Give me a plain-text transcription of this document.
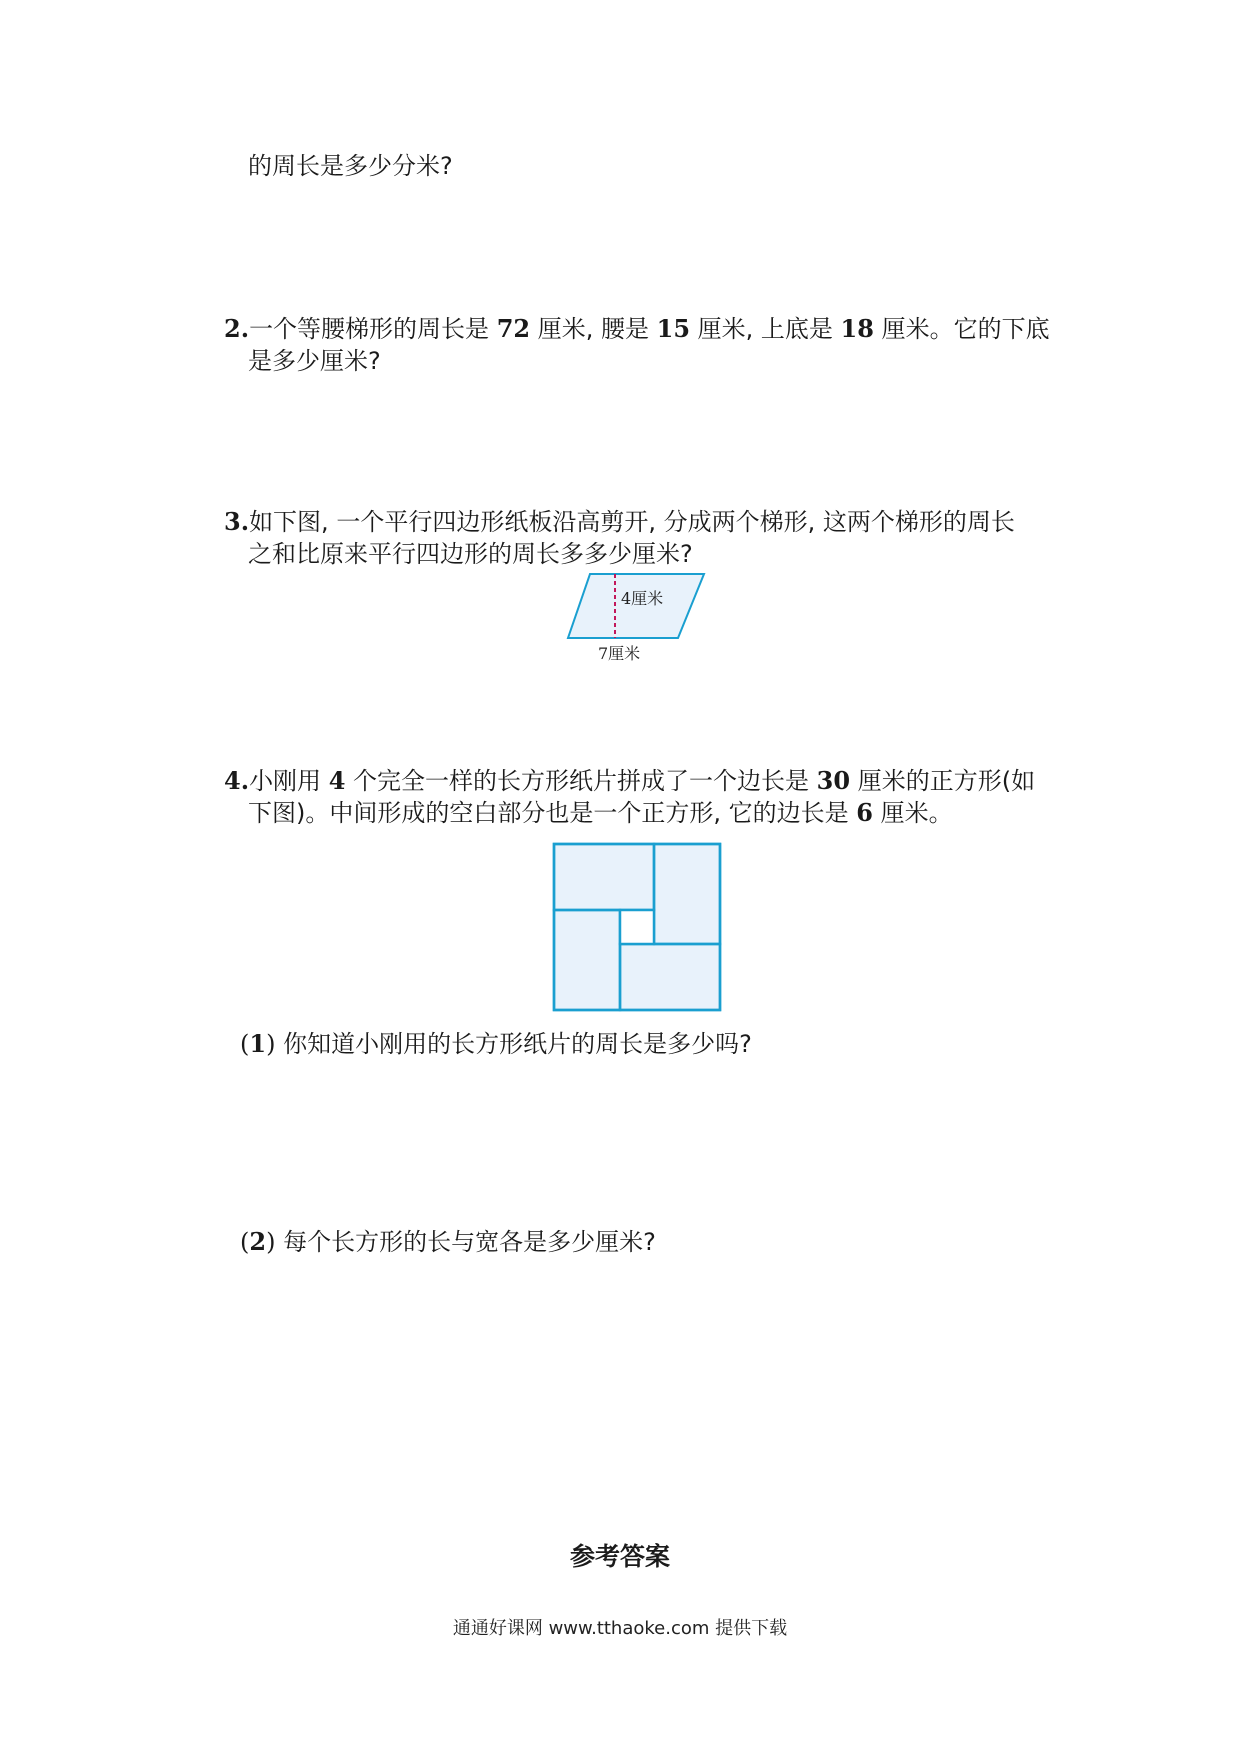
的周长是多少分米?
2.一个等腰梯形的周长是 72 厘米, 腰是 15 厘米, 上底是 18 厘米。它的下底
是多少厘米?
3.如下图, 一个平行四边形纸板沿高剪开, 分成两个梯形, 这两个梯形的周长
之和比原来平行四边形的周长多多少厘米?
4厘米
7厘米
4.小刚用 4 个完全一样的长方形纸片拼成了一个边长是 30 厘米的正方形(如
下图)。中间形成的空白部分也是一个正方形, 它的边长是 6 厘米。
(1) 你知道小刚用的长方形纸片的周长是多少吗?
(2) 每个长方形的长与宽各是多少厘米?
参考答案
通通好课网 www.tthaoke.com 提供下载
